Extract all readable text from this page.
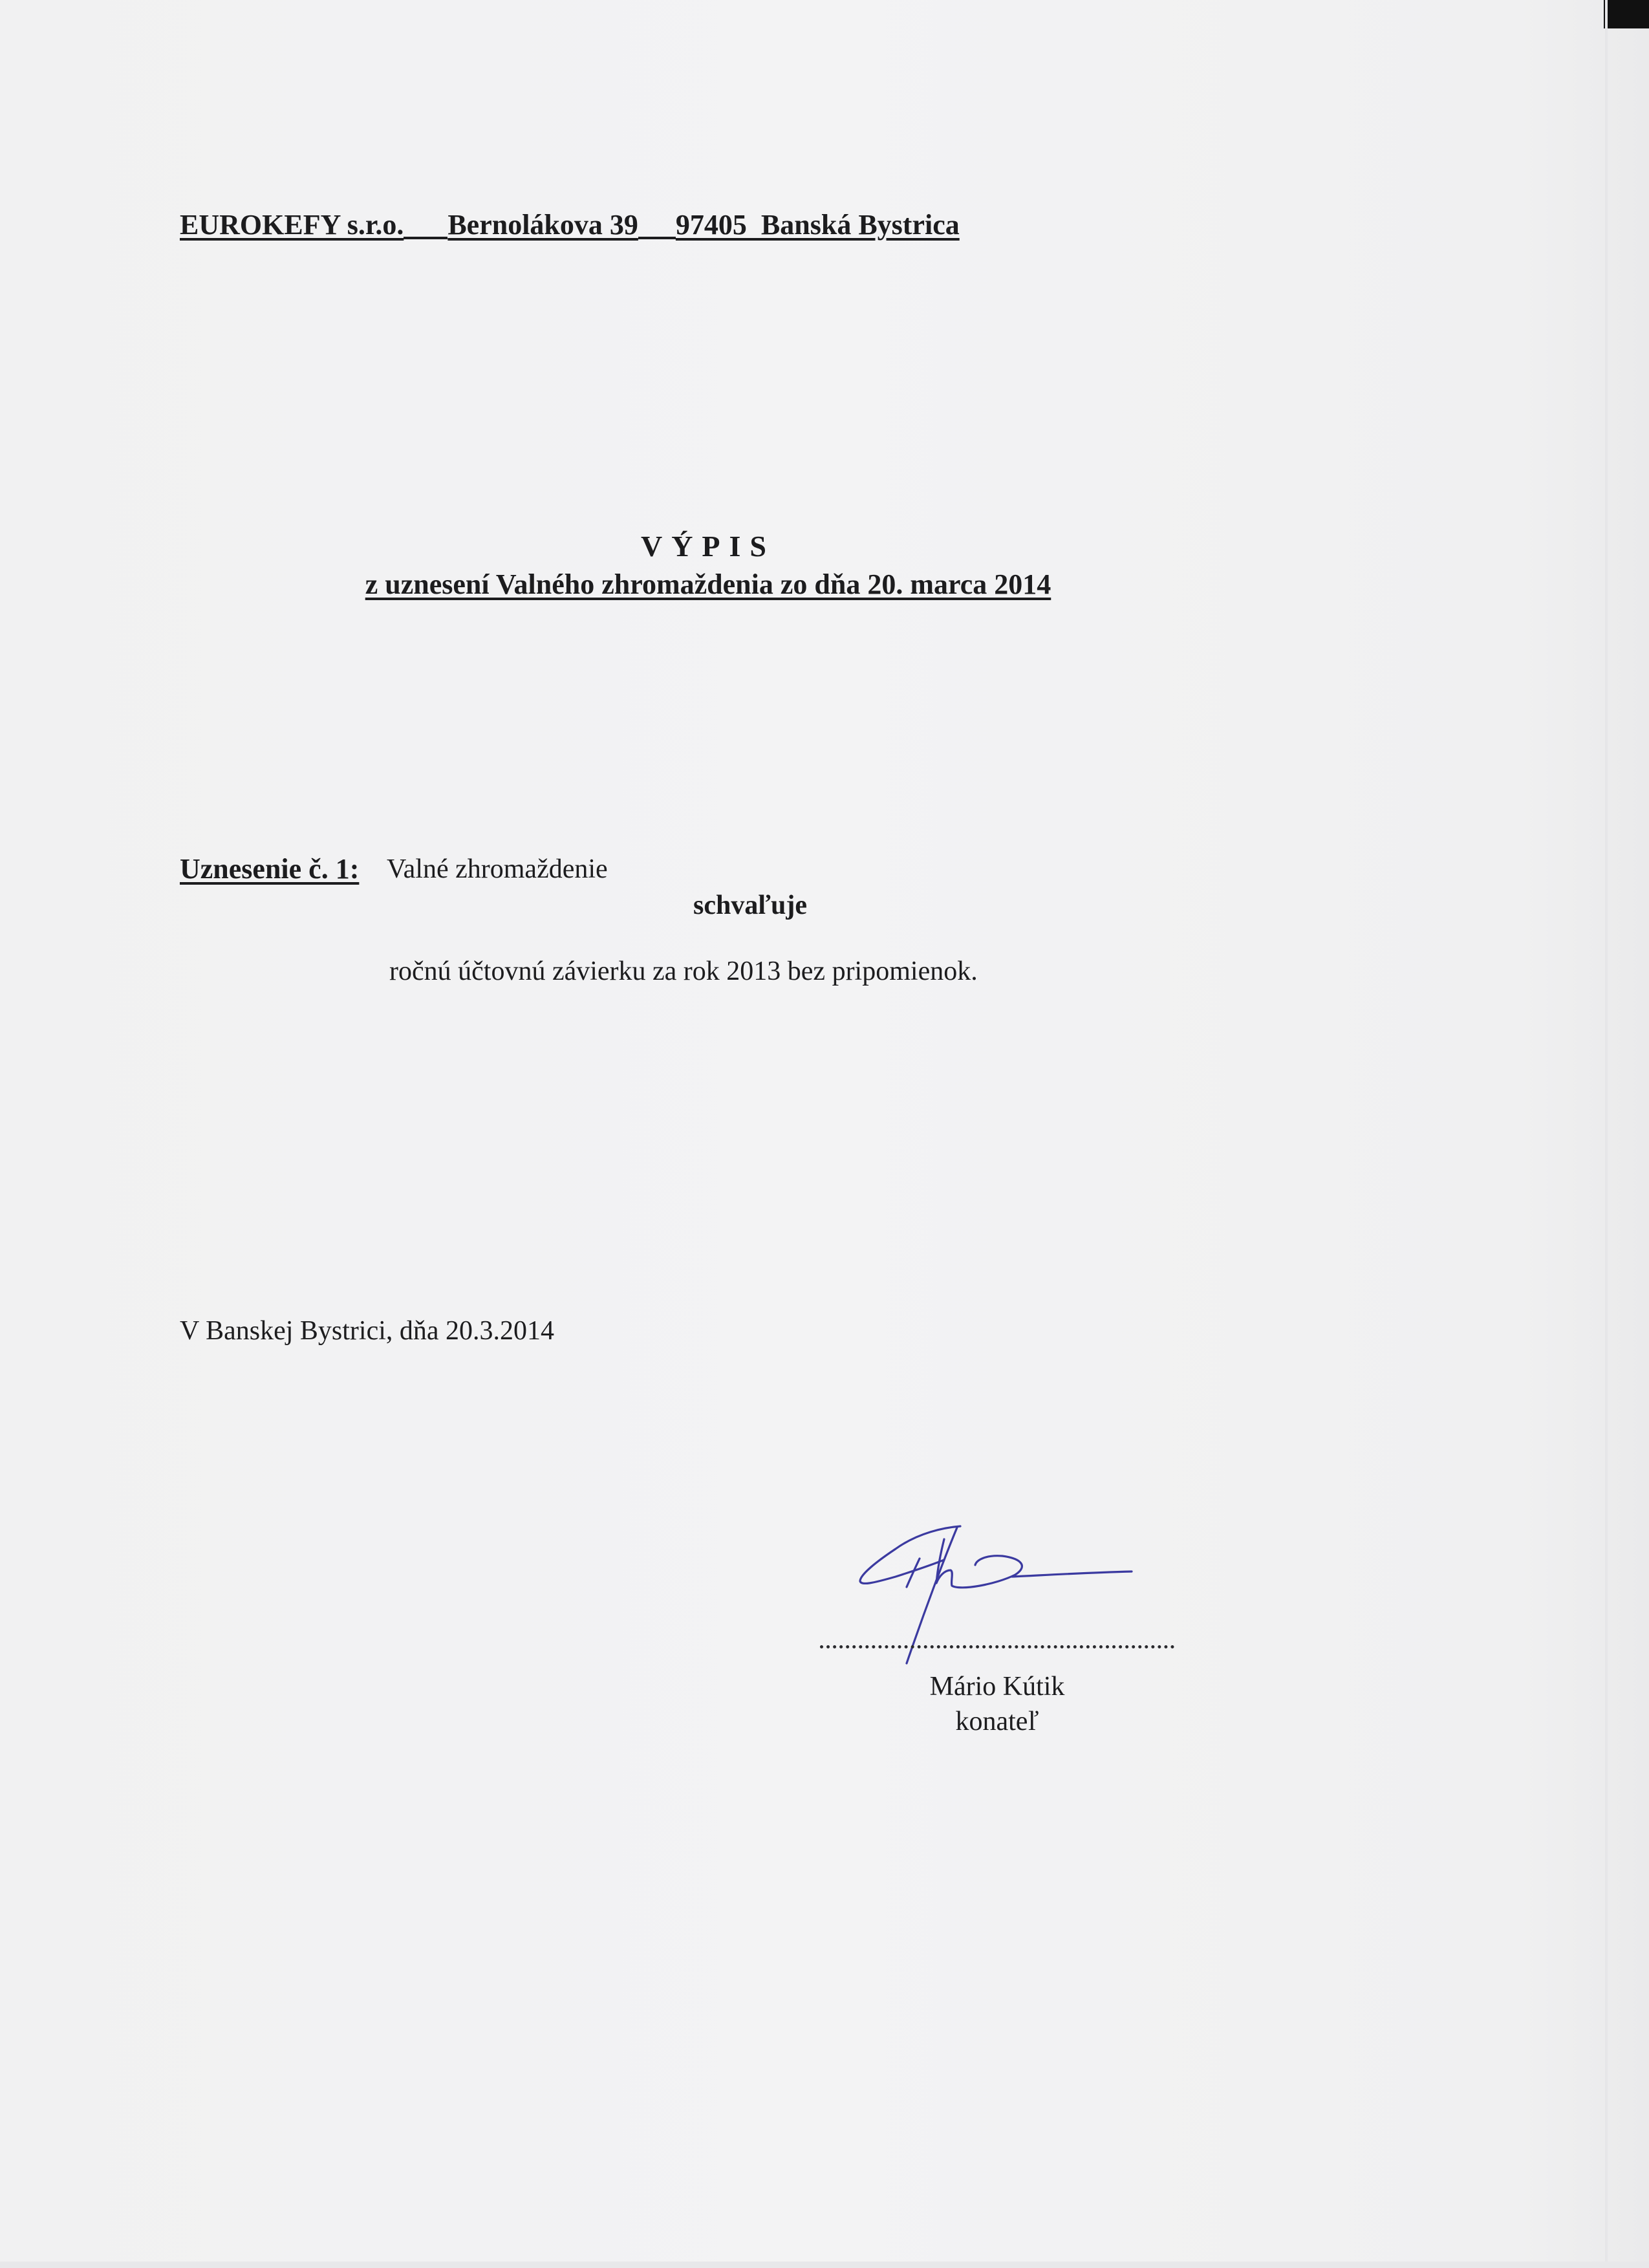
EUROKEFY s.r.o. Bernolákova 39 97405  Banská Bystrica
VÝPIS
z uznesení Valného zhromaždenia zo dňa 20. marca 2014
Uznesenie č. 1: Valné zhromaždenie
schvaľuje
ročnú účtovnú závierku za rok 2013 bez pripomienok.
V Banskej Bystrici, dňa 20.3.2014
Mário Kútik
konateľ
